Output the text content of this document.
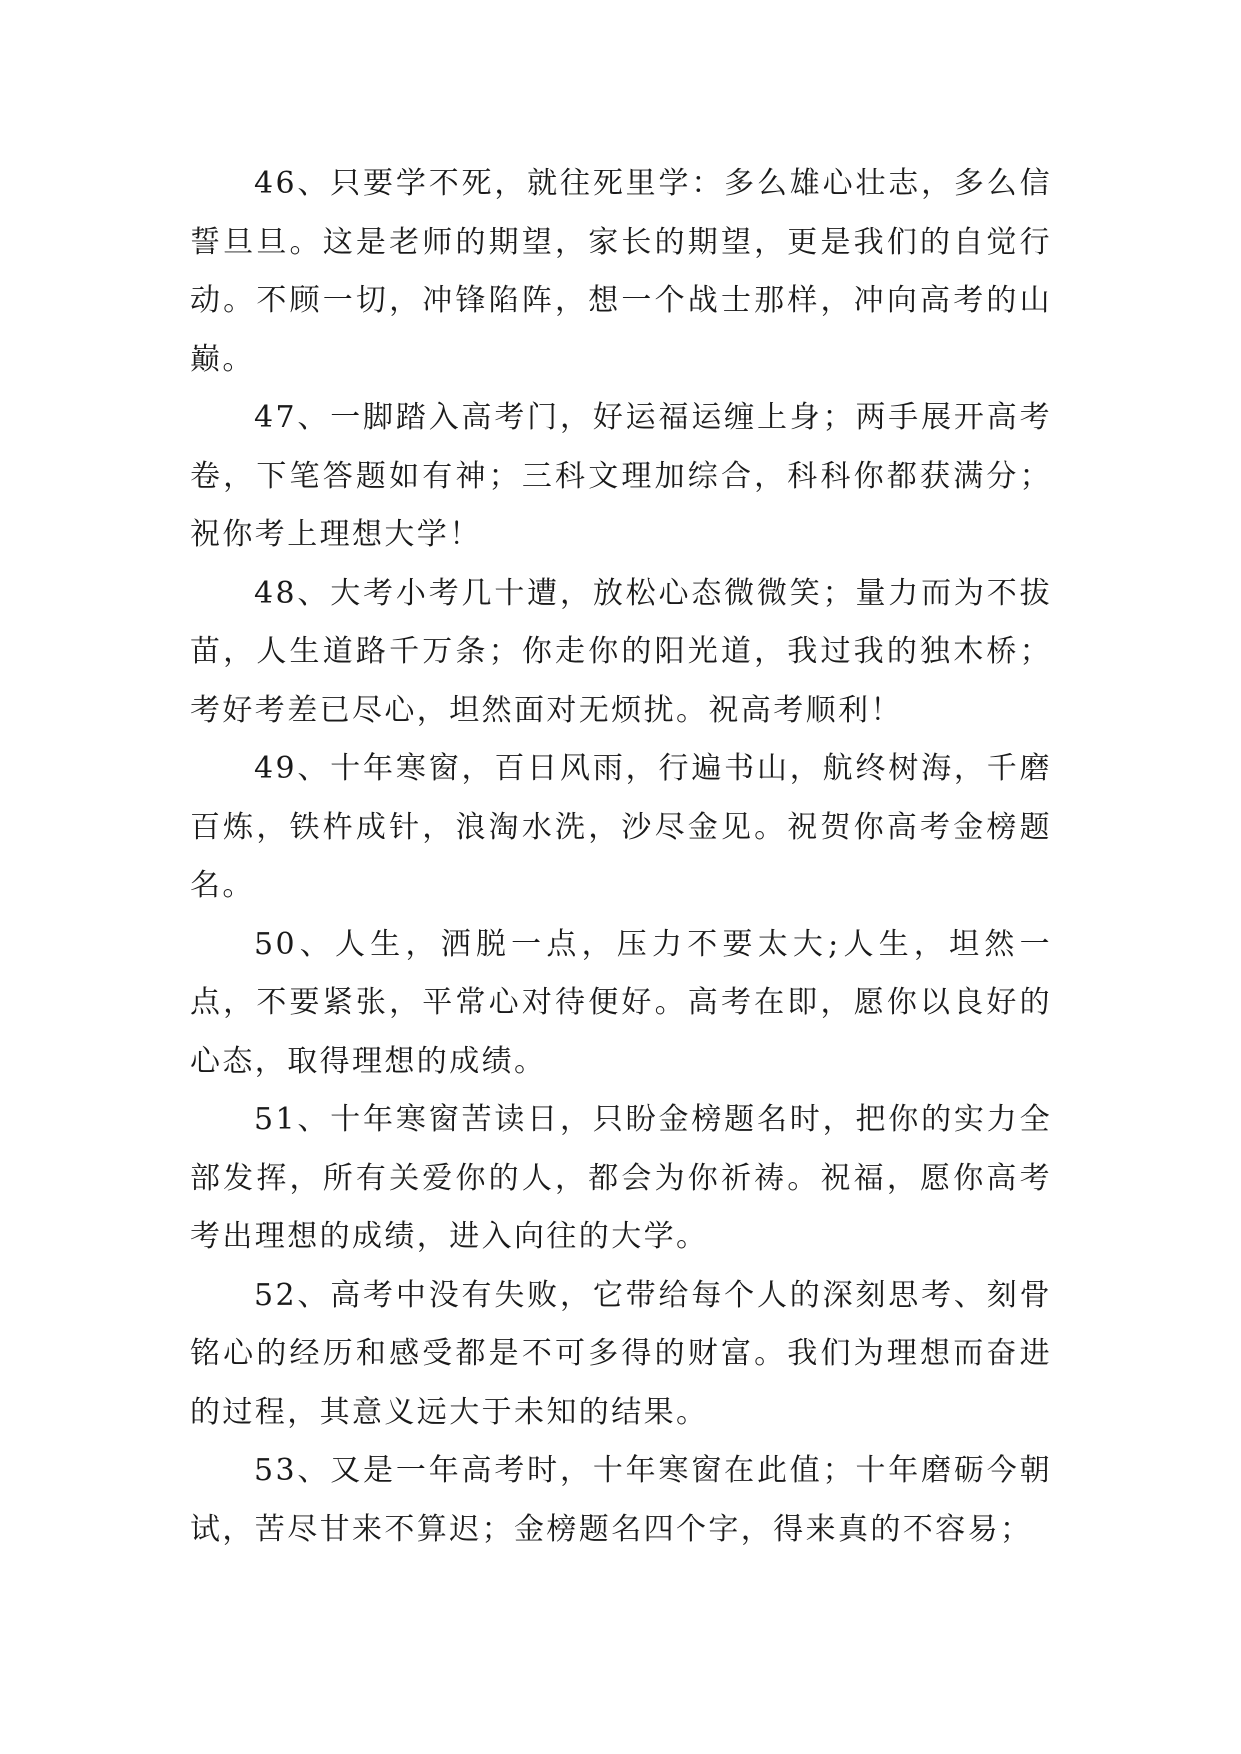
46、只要学不死，就往死里学：多么雄心壮志，多么信誓旦旦。这是老师的期望，家长的期望，更是我们的自觉行动。不顾一切，冲锋陷阵，想一个战士那样，冲向高考的山巅。

47、一脚踏入高考门，好运福运缠上身；两手展开高考卷，下笔答题如有神；三科文理加综合，科科你都获满分；祝你考上理想大学！

48、大考小考几十遭，放松心态微微笑；量力而为不拔苗，人生道路千万条；你走你的阳光道，我过我的独木桥；考好考差已尽心，坦然面对无烦扰。祝高考顺利！

49、十年寒窗，百日风雨，行遍书山，航终树海，千磨百炼，铁杵成针，浪淘水洗，沙尽金见。祝贺你高考金榜题名。

50、人生，洒脱一点，压力不要太大;人生，坦然一点，不要紧张，平常心对待便好。高考在即，愿你以良好的心态，取得理想的成绩。

51、十年寒窗苦读日，只盼金榜题名时，把你的实力全部发挥，所有关爱你的人，都会为你祈祷。祝福，愿你高考考出理想的成绩，进入向往的大学。

52、高考中没有失败，它带给每个人的深刻思考、刻骨铭心的经历和感受都是不可多得的财富。我们为理想而奋进的过程，其意义远大于未知的结果。

53、又是一年高考时，十年寒窗在此值；十年磨砺今朝试，苦尽甘来不算迟；金榜题名四个字，得来真的不容易；
